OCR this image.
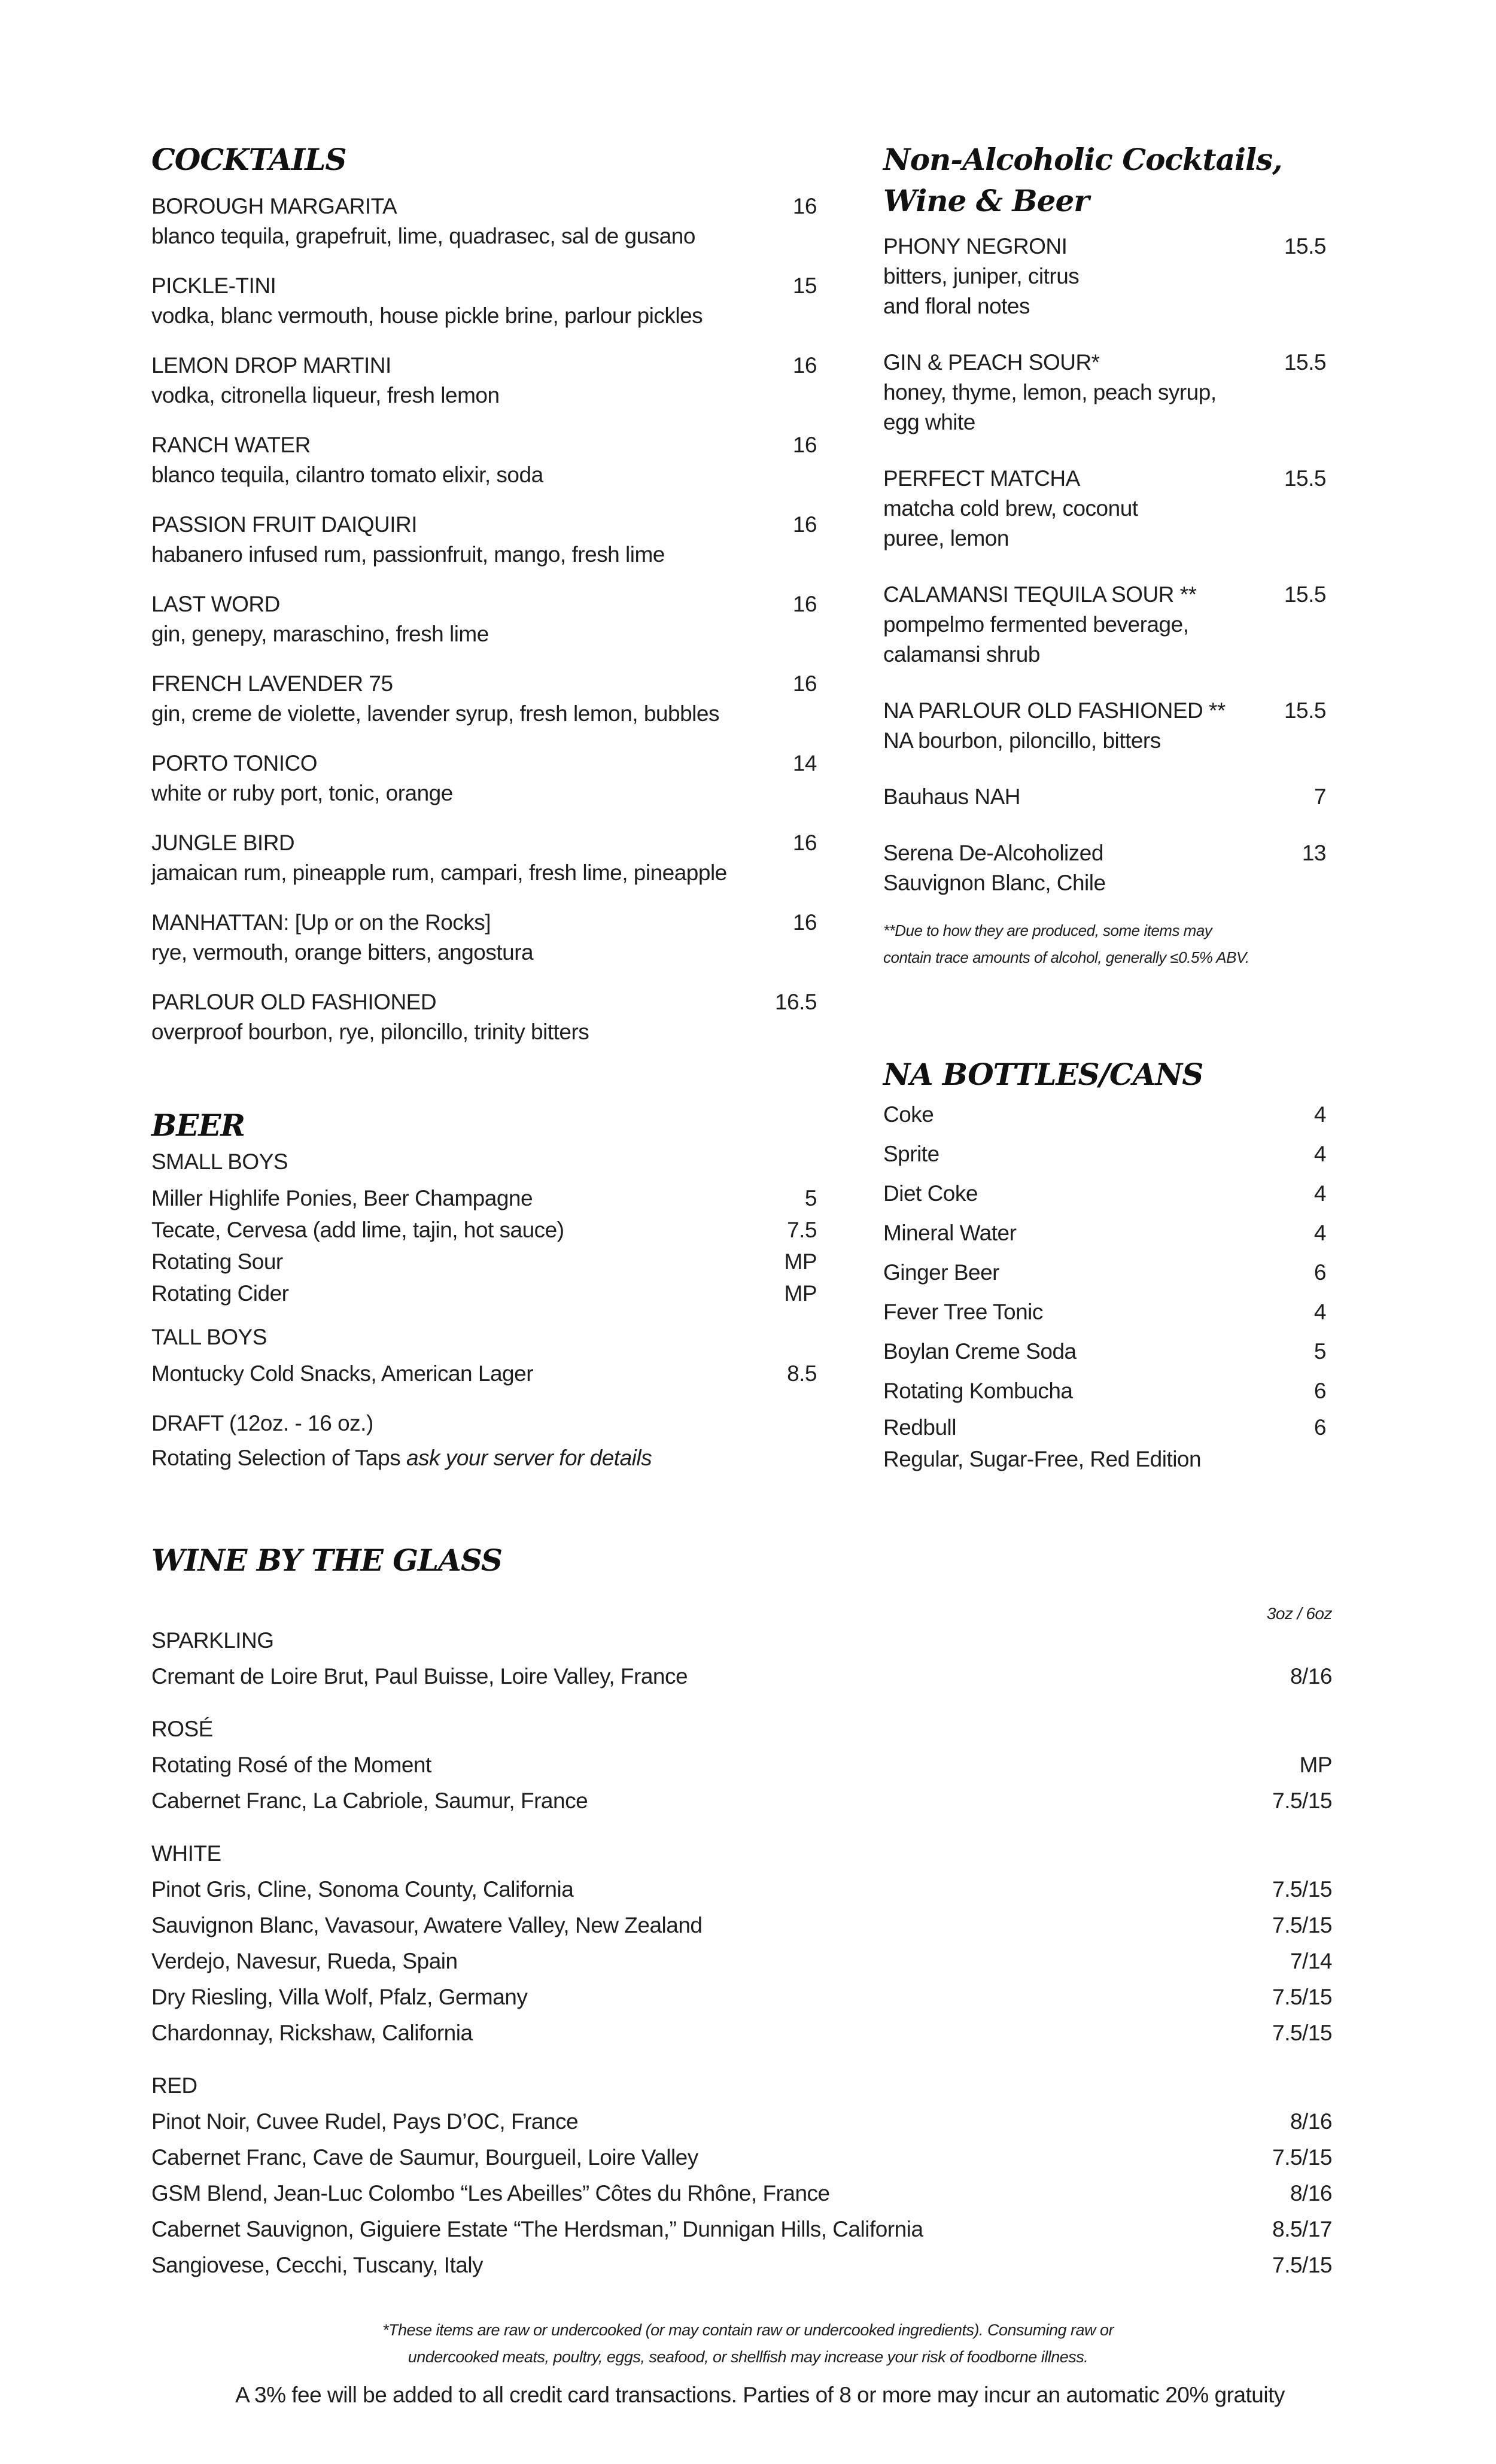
COCKTAILS
BOROUGH MARGARITA	16
blanco tequila, grapefruit, lime, quadrasec, sal de gusano
PICKLE-TINI	15
vodka, blanc vermouth, house pickle brine, parlour pickles
LEMON DROP MARTINI	16
vodka, citronella liqueur, fresh lemon
RANCH WATER	16
blanco tequila, cilantro tomato elixir, soda
PASSION FRUIT DAIQUIRI	16
habanero infused rum, passionfruit, mango, fresh lime
LAST WORD	16
gin, genepy, maraschino, fresh lime
FRENCH LAVENDER 75	16
gin, creme de violette, lavender syrup, fresh lemon, bubbles
PORTO TONICO	14
white or ruby port, tonic, orange
JUNGLE BIRD	16
jamaican rum, pineapple rum, campari, fresh lime, pineapple
MANHATTAN: [Up or on the Rocks]	16
rye, vermouth, orange bitters, angostura
PARLOUR OLD FASHIONED	16.5
overproof bourbon, rye, piloncillo, trinity bitters
BEER
SMALL BOYS
Miller Highlife Ponies, Beer Champagne	5
Tecate, Cervesa (add lime, tajin, hot sauce)	7.5
Rotating Sour	MP
Rotating Cider	MP
TALL BOYS
Montucky Cold Snacks, American Lager	8.5
DRAFT (12oz. - 16 oz.)
Rotating Selection of Taps ask your server for details
Non-Alcoholic Cocktails,
Wine & Beer
PHONY NEGRONI	15.5
bitters, juniper, citrus
and floral notes
GIN & PEACH SOUR*	15.5
honey, thyme, lemon, peach syrup,
egg white
PERFECT MATCHA	15.5
matcha cold brew, coconut
puree, lemon
CALAMANSI TEQUILA SOUR **	15.5
pompelmo fermented beverage,
calamansi shrub
NA PARLOUR OLD FASHIONED **	15.5
NA bourbon, piloncillo, bitters
Bauhaus NAH	7
Serena De-Alcoholized	13
Sauvignon Blanc, Chile
**Due to how they are produced, some items may
contain trace amounts of alcohol, generally ≤0.5% ABV.
NA BOTTLES/CANS
Coke	4
Sprite	4
Diet Coke	4
Mineral Water	4
Ginger Beer	6
Fever Tree Tonic	4
Boylan Creme Soda	5
Rotating Kombucha	6
Redbull	6
Regular, Sugar-Free, Red Edition
WINE BY THE GLASS
3oz / 6oz
SPARKLING
Cremant de Loire Brut, Paul Buisse, Loire Valley, France	8/16
ROSÉ
Rotating Rosé of the Moment	MP
Cabernet Franc, La Cabriole, Saumur, France	7.5/15
WHITE
Pinot Gris, Cline, Sonoma County, California	7.5/15
Sauvignon Blanc, Vavasour, Awatere Valley, New Zealand	7.5/15
Verdejo, Navesur, Rueda, Spain	7/14
Dry Riesling, Villa Wolf, Pfalz, Germany	7.5/15
Chardonnay, Rickshaw, California	7.5/15
RED
Pinot Noir, Cuvee Rudel, Pays D’OC, France	8/16
Cabernet Franc, Cave de Saumur, Bourgueil, Loire Valley	7.5/15
GSM Blend, Jean-Luc Colombo “Les Abeilles” Côtes du Rhône, France	8/16
Cabernet Sauvignon, Giguiere Estate “The Herdsman,” Dunnigan Hills, California	8.5/17
Sangiovese, Cecchi, Tuscany, Italy	7.5/15
*These items are raw or undercooked (or may contain raw or undercooked ingredients). Consuming raw or
undercooked meats, poultry, eggs, seafood, or shellfish may increase your risk of foodborne illness.
A 3% fee will be added to all credit card transactions. Parties of 8 or more may incur an automatic 20% gratuity
